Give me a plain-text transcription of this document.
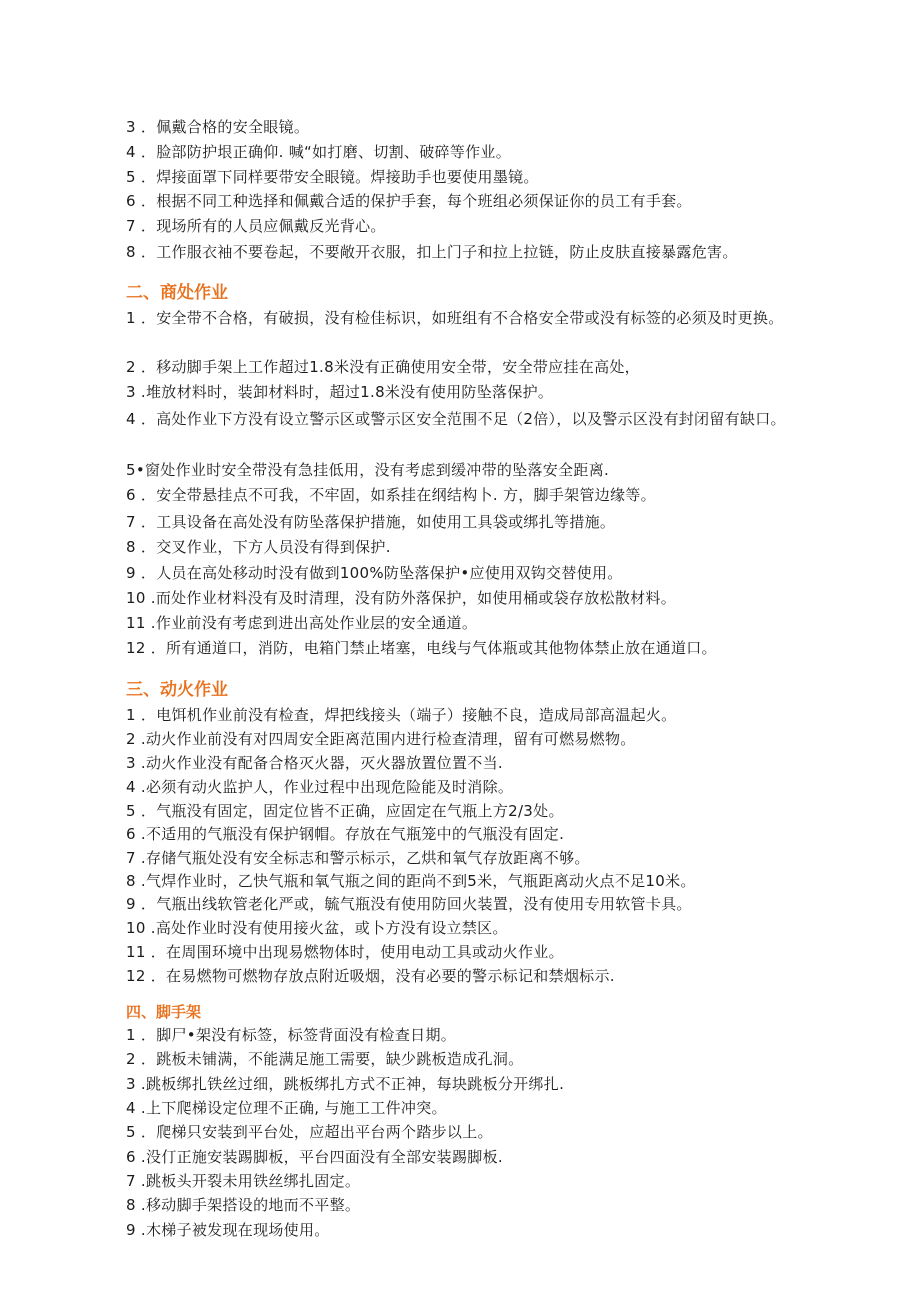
3 ．佩戴合格的安全眼镜。

4 ．脸部防护垠正确仰. 喊“如打磨、切割、破碎等作业。

5 ．焊接面罩下同样要带安全眼镜。焊接助手也要使用墨镜。

6 ．根据不同工种选择和佩戴合适的保护手套，每个班组必须保证你的员工有手套。

7 ．现场所有的人员应佩戴反光背心。

8 ．工作服衣袖不要卷起，不要敞开衣服，扣上门子和拉上拉链，防止皮肤直接暴露危害。

二、商处作业

1 ．安全带不合格，有破损，没有检佳标识，如班组有不合格安全带或没有标签的必须及时更换。

2 ．移动脚手架上工作超过1.8米没有正确使用安全带，安全带应挂在高处，

3 .堆放材料时，装卸材料时，超过1.8米没有使用防坠落保护。

4 ．高处作业下方没有设立警示区或警示区安全范围不足（2倍），以及警示区没有封闭留有缺口。

5•窗处作业时安全带没有急挂低用，没有考虑到缓冲带的坠落安全距离.

6 ．安全带悬挂点不可我，不牢固，如系挂在纲结构卜. 方，脚手架管边缘等。

7 ．工具设备在高处没有防坠落保护措施，如使用工具袋或绑扎等措施。

8 ．交叉作业，下方人员没有得到保护.

9 ．人员在高处移动时没有做到100%防坠落保护•应使用双钩交替使用。

10 .而处作业材料没有及时清理，没有防外落保护，如使用桶或袋存放松散材料。

11 .作业前没有考虑到进出高处作业层的安全通道。

12 ．所有通道口，消防，电箱门禁止堵塞，电线与气体瓶或其他物体禁止放在通道口。

三、动火作业

1 ．电饵机作业前没有检查，焊把线接头（端子）接触不良，造成局部高温起火。

2 .动火作业前没有对四周安全距离范围内进行检查清理，留有可燃易燃物。

3 .动火作业没有配备合格灭火器，灭火器放置位置不当.

4 .必须有动火监护人，作业过程中出现危险能及时消除。

5 ．气瓶没有固定，固定位皆不正确，应固定在气瓶上方2/3处。

6 .不适用的气瓶没有保护钢帽。存放在气瓶笼中的气瓶没有固定.

7 .存储气瓶处没有安全标志和警示标示，乙烘和氧气存放距离不够。

8 .气焊作业时，乙快气瓶和氧气瓶之间的距尚不到5米，气瓶距离动火点不足10米。

9 ．气瓶出线软管老化严或，毓气瓶没有使用防回火装置，没有使用专用软管卡具。

10 .高处作业时没有使用接火盆，或卜方没有设立禁区。

11 ．在周围环境中出现易燃物体时，使用电动工具或动火作业。

12 ．在易燃物可燃物存放点附近吸烟，没有必要的警示标记和禁烟标示.

四、脚手架

1 ．脚尸•架没有标签，标签背面没有检查日期。

2 ．跳板未铺满，不能满足施工需要，缺少跳板造成孔洞。

3 .跳板绑扎铁丝过细，跳板绑扎方式不正神，每块跳板分开绑扎.

4 .上下爬梯设定位理不正确, 与施工工件冲突。

5 ．爬梯只安装到平台处，应超出平台两个踏步以上。

6 .没仃正施安装踢脚板，平台四面没有全部安装踢脚板.

7 .跳板头开裂未用铁丝绑扎固定。

8 .移动脚手架搭设的地而不平整。

9 .木梯子被发现在现场使用。
